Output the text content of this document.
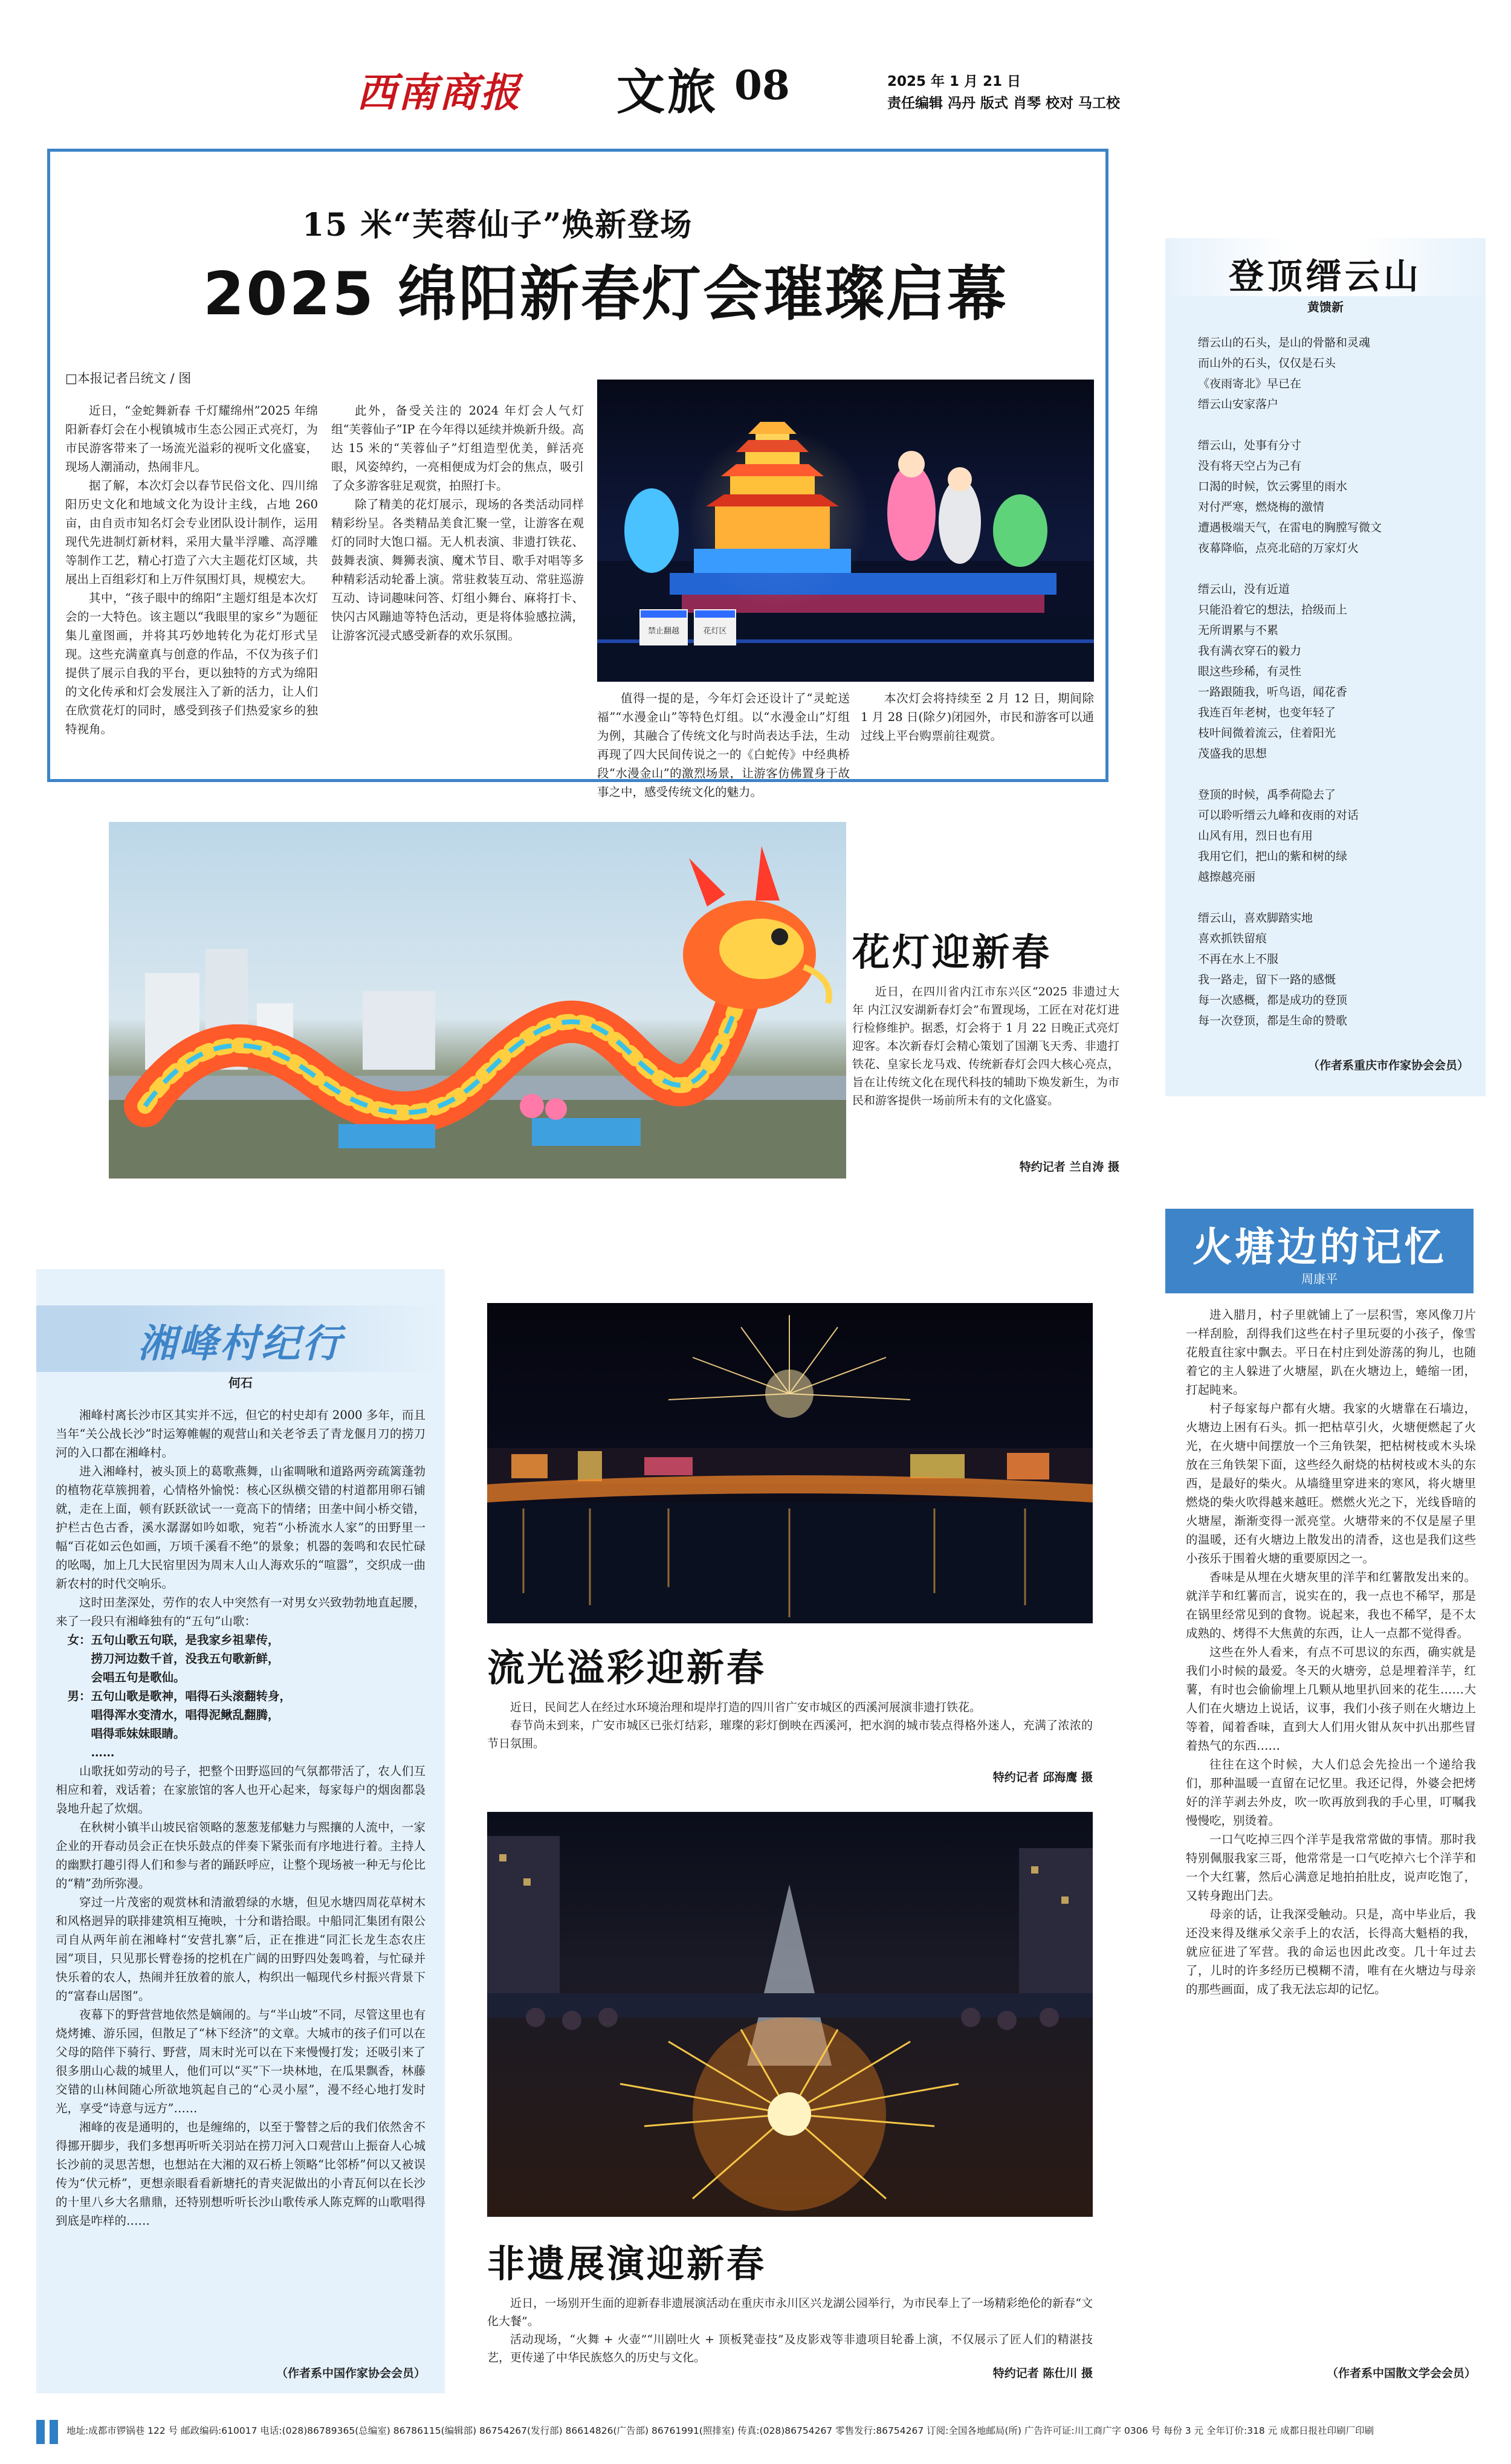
西南商报 文旅 08	2025 年 1 月 21 日
责任编辑 冯丹 版式 肖琴 校对 马工校
15 米“芙蓉仙子”焕新登场
2025 绵阳新春灯会璀璨启幕
□本报记者吕统文 / 图

近日，“金蛇舞新春 千灯耀绵州”2025 年绵阳新春灯会在小枧镇城市生态公园正式亮灯，为市民游客带来了一场流光溢彩的视听文化盛宴，现场人潮涌动，热闹非凡。

据了解，本次灯会以春节民俗文化、四川绵阳历史文化和地域文化为设计主线，占地 260 亩，由自贡市知名灯会专业团队设计制作，运用现代先进制灯新材料，采用大量半浮雕、高浮雕等制作工艺，精心打造了六大主题花灯区域，共展出上百组彩灯和上万件氛围灯具，规模宏大。

其中，“孩子眼中的绵阳”主题灯组是本次灯会的一大特色。该主题以“我眼里的家乡”为题征集儿童图画，并将其巧妙地转化为花灯形式呈现。这些充满童真与创意的作品，不仅为孩子们提供了展示自我的平台，更以独特的方式为绵阳的文化传承和灯会发展注入了新的活力，让人们在欣赏花灯的同时，感受到孩子们热爱家乡的独特视角。

此外，备受关注的 2024 年灯会人气灯组“芙蓉仙子”IP 在今年得以延续并焕新升级。高达 15 米的“芙蓉仙子”灯组造型优美，鲜活亮眼，风姿绰约，一亮相便成为灯会的焦点，吸引了众多游客驻足观赏，拍照打卡。

除了精美的花灯展示，现场的各类活动同样精彩纷呈。各类精品美食汇聚一堂，让游客在观灯的同时大饱口福。无人机表演、非遗打铁花、鼓舞表演、舞狮表演、魔术节目、歌手对唱等多种精彩活动轮番上演。常驻救装互动、常驻巡游互动、诗词趣味问答、灯组小舞台、麻将打卡、快闪古风蹦迪等特色活动，更是将体验感拉满，让游客沉浸式感受新春的欢乐氛围。

值得一提的是，今年灯会还设计了“灵蛇送福”“水漫金山”等特色灯组。以“水漫金山”灯组为例，其融合了传统文化与时尚表达手法，生动再现了四大民间传说之一的《白蛇传》中经典桥段“水漫金山”的激烈场景，让游客仿佛置身于故事之中，感受传统文化的魅力。

本次灯会将持续至 2 月 12 日，期间除 1 月 28 日(除夕)闭园外，市民和游客可以通过线上平台购票前往观赏。

禁止翻越	花灯区
登顶缙云山
黄馈新
缙云山的石头，是山的骨骼和灵魂
而山外的石头，仅仅是石头
《夜雨寄北》早已在
缙云山安家落户
缙云山，处事有分寸
没有将天空占为己有
口渴的时候，饮云雾里的雨水
对付严寒，燃烧梅的激情
遭遇极端天气，在雷电的胸膛写微文
夜幕降临，点亮北碚的万家灯火
缙云山，没有近道
只能沿着它的想法，拾级而上
无所谓累与不累
我有满衣穿石的毅力
眼这些珍稀，有灵性
一路跟随我，听鸟语，闻花香
我连百年老树，也变年轻了
枝叶间微着流云，住着阳光
茂盛我的思想
登顶的时候，禹季荷隐去了
可以聆听缙云九峰和夜雨的对话
山风有用，烈日也有用
我用它们，把山的紫和树的绿
越擦越亮丽
缙云山，喜欢脚踏实地
喜欢抓铁留痕
不再在水上不服
我一路走，留下一路的感慨
每一次感概，都是成功的登顶
每一次登顶，都是生命的赞歌
（作者系重庆市作家协会会员）
花灯迎新春

近日，在四川省内江市东兴区“2025 非遗过大年 内江汉安湖新春灯会”布置现场，工匠在对花灯进行检修维护。据悉，灯会将于 1 月 22 日晚正式亮灯迎客。本次新春灯会精心策划了国潮飞天秀、非遗打铁花、皇家长龙马戏、传统新春灯会四大核心亮点，旨在让传统文化在现代科技的辅助下焕发新生，为市民和游客提供一场前所未有的文化盛宴。

特约记者 兰自涛 摄
火塘边的记忆
周康平

进入腊月，村子里就铺上了一层积雪，寒风像刀片一样刮脸，刮得我们这些在村子里玩耍的小孩子，像雪花般直往家中飘去。平日在村庄到处游荡的狗儿，也随着它的主人躲进了火塘屋，趴在火塘边上，蜷缩一团，打起盹来。

村子每家每户都有火塘。我家的火塘靠在石墙边，火塘边上困有石头。抓一把枯草引火，火塘便燃起了火光，在火塘中间摆放一个三角铁架，把枯树枝或木头垛放在三角铁架下面，这些经久耐烧的枯树枝或木头的东西，是最好的柴火。从墙缝里穿进来的寒风，将火塘里燃烧的柴火吹得越来越旺。燃燃火光之下，光线昏暗的火塘屋，渐渐变得一派亮堂。火塘带来的不仅是屋子里的温暖，还有火塘边上散发出的清香，这也是我们这些小孩乐于围着火塘的重要原因之一。

香味是从埋在火塘灰里的洋芋和红薯散发出来的。就洋芋和红薯而言，说实在的，我一点也不稀罕，那是在锅里经常见到的食物。说起来，我也不稀罕，是不太成熟的、烤得不大焦黄的东西，让人一点都不觉得香。

这些在外人看来，有点不可思议的东西，确实就是我们小时候的最爱。冬天的火塘旁，总是埋着洋芋，红薯，有时也会偷偷埋上几颗从地里扒回来的花生……大人们在火塘边上说话，议事，我们小孩子则在火塘边上等着，闻着香味，直到大人们用火钳从灰中扒出那些冒着热气的东西……

往往在这个时候，大人们总会先捡出一个递给我们，那种温暖一直留在记忆里。我还记得，外婆会把烤好的洋芋剥去外皮，吹一吹再放到我的手心里，叮嘱我慢慢吃，别烫着。

一口气吃掉三四个洋芋是我常常做的事情。那时我特别佩服我家三哥，他常常是一口气吃掉六七个洋芋和一个大红薯，然后心满意足地拍拍肚皮，说声吃饱了，又转身跑出门去。

母亲的话，让我深受触动。只是，高中毕业后，我还没来得及继承父亲手上的农活，长得高大魁梧的我，就应征进了军营。我的命运也因此改变。几十年过去了，儿时的许多经历已模糊不清，唯有在火塘边与母亲的那些画面，成了我无法忘却的记忆。

（作者系中国散文学会会员）
湘峰村纪行
何石

湘峰村离长沙市区其实并不远，但它的村史却有 2000 多年，而且当年“关公战长沙”时运筹帷幄的观营山和关老爷丢了青龙偃月刀的捞刀河的入口都在湘峰村。

进入湘峰村，被头顶上的葛歌燕舞，山雀啁啾和道路两旁疏篱蓬勃的植物花草簇拥着，心情格外愉悦：核心区纵横交错的村道都用卵石铺就，走在上面，顿有跃跃欲试一一竟高下的情绪；田垄中间小桥交错，护栏古色古香，溪水潺潺如吟如歌，宛若“小桥流水人家”的田野里一幅“百花如云色如画，万顷千溪看不绝”的景象；机器的轰鸣和农民忙碌的吆喝，加上几大民宿里因为周末人山人海欢乐的“喧嚣”，交织成一曲新农村的时代交响乐。

这时田垄深处，劳作的农人中突然有一对男女兴致勃勃地直起腰，来了一段只有湘峰独有的“五句”山歌：

女：五句山歌五句联，是我家乡祖辈传，
捞刀河边数千首，没我五句歌新鲜，
会唱五句是歌仙。
男：五句山歌是歌神，唱得石头滚翻转身，
唱得浑水变清水，唱得泥鳅乱翻腾，
唱得乖妹妹眼睛。
……

山歌抚如劳动的号子，把整个田野巡回的气氛都带活了，农人们互相应和着，戏话着；在家旅馆的客人也开心起来，每家每户的烟囱都袅袅地升起了炊烟。

在秋树小镇半山坡民宿领略的葱葱茏郁魅力与熙攘的人流中，一家企业的开春动员会正在快乐鼓点的伴奏下紧张而有序地进行着。主持人的幽默打趣引得人们和参与者的踊跃呼应，让整个现场被一种无与伦比的“精”劲所弥漫。

穿过一片茂密的观赏林和清澈碧绿的水塘，但见水塘四周花草树木和风格迥异的联排建筑相互掩映，十分和谐拾眼。中船同汇集团有限公司自从两年前在湘峰村“安营扎寨”后，正在推进“同汇长龙生态农庄园”项目，只见那长臂卷扬的挖机在广阔的田野四处轰鸣着，与忙碌并快乐着的农人，热闹并狂放着的旅人，构织出一幅现代乡村振兴背景下的“富春山居图”。

夜幕下的野营营地依然是嫡闹的。与“半山坡”不同，尽管这里也有烧烤摊、游乐园，但散足了“林下经济”的文章。大城市的孩子们可以在父母的陪伴下骑行、野营，周末时光可以在下来慢慢打发；还吸引来了很多朋山心裁的城里人，他们可以“买”下一块林地，在瓜果飘香，林藤交错的山林间随心所欲地筑起自己的“心灵小屋”，漫不经心地打发时光，享受“诗意与远方”……

湘峰的夜是通明的，也是缠绵的，以至于警替之后的我们依然舍不得挪开脚步，我们多想再听听关羽站在捞刀河入口观营山上振奋人心城长沙前的灵思苦想，也想站在大湘的双石桥上领略“比邻桥”何以又被误传为“伏元桥”，更想亲眼看看新塘托的青夹泥做出的小青瓦何以在长沙的十里八乡大名鼎鼎，还特别想听听长沙山歌传承人陈克辉的山歌唱得到底是咋样的……

（作者系中国作家协会会员）
流光溢彩迎新春

近日，民间艺人在经过水环境治理和堤岸打造的四川省广安市城区的西溪河展演非遗打铁花。

春节尚未到来，广安市城区已张灯结彩，璀璨的彩灯倒映在西溪河，把水润的城市装点得格外迷人，充满了浓浓的节日氛围。

特约记者 邱海鹰 摄
非遗展演迎新春

近日，一场别开生面的迎新春非遗展演活动在重庆市永川区兴龙湖公园举行，为市民奉上了一场精彩绝伦的新春“文化大餐”。

活动现场，“火舞 + 火壶”“川剧吐火 + 顶板凳壶技”及皮影戏等非遗项目轮番上演，不仅展示了匠人们的精湛技艺，更传递了中华民族悠久的历史与文化。

特约记者 陈仕川 摄
地址:成都市锣锅巷 122 号 邮政编码:610017 电话:(028)86789365(总编室) 86786115(编辑部) 86754267(发行部) 86614826(广告部) 86761991(照排室) 传真:(028)86754267 零售发行:86754267 订阅:全国各地邮局(所) 广告许可证:川工商广字 0306 号 每份 3 元 全年订价:318 元 成都日报社印刷厂印刷
